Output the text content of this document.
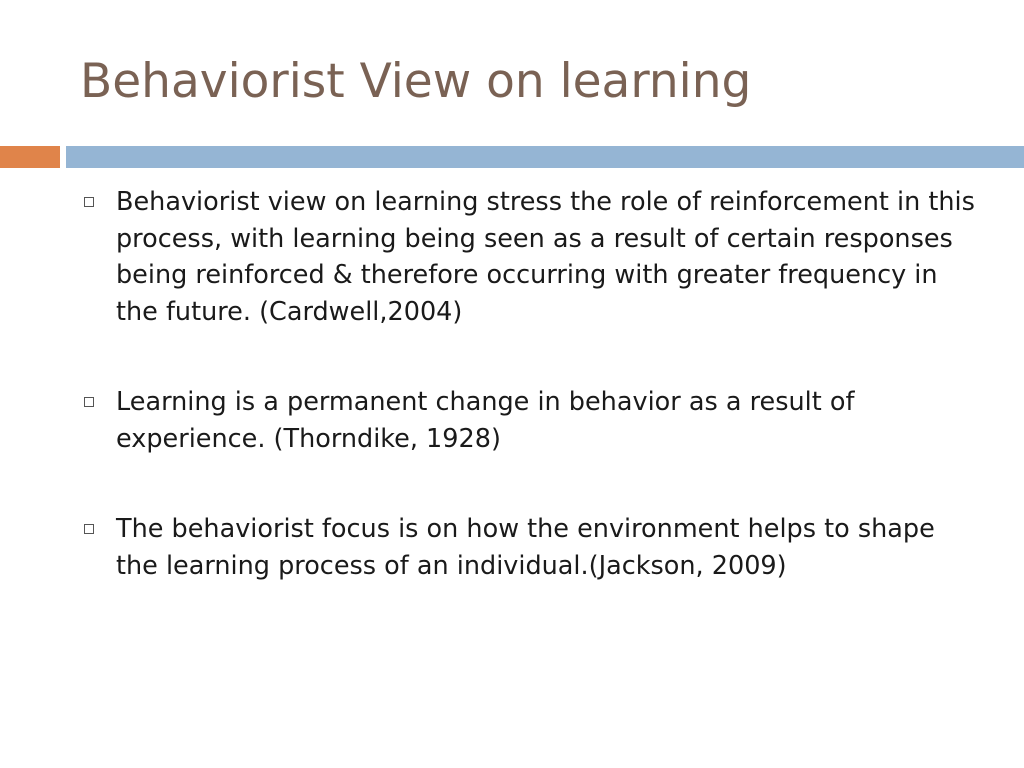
Behaviorist View on learning
Behaviorist view on learning stress the role of reinforcement in this process, with learning being seen as a result of certain responses being reinforced & therefore occurring with greater frequency in the future. (Cardwell,2004)
Learning is a permanent change in behavior as a result of experience. (Thorndike, 1928)
The behaviorist focus is on how the environment helps to shape the learning process of an individual.(Jackson, 2009)
